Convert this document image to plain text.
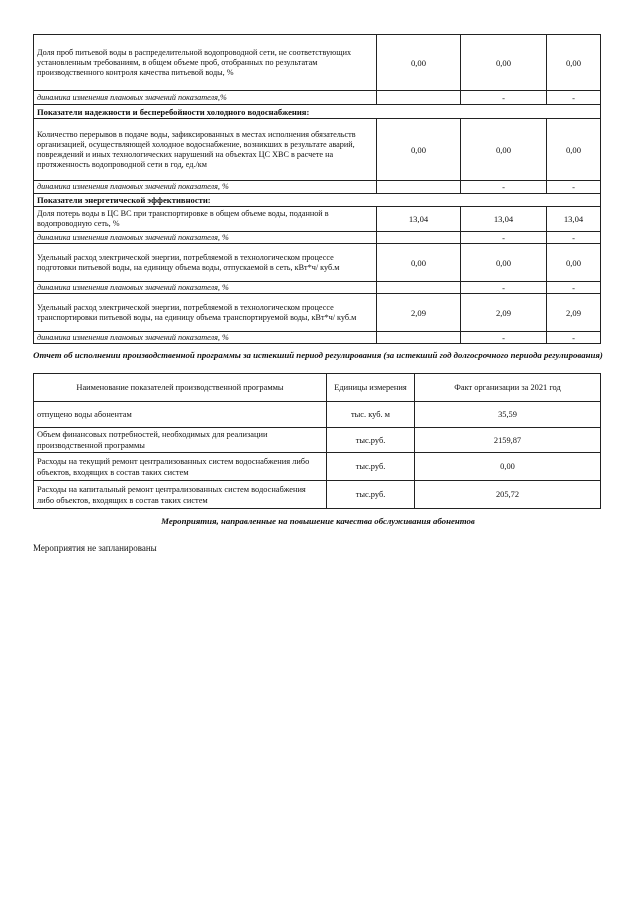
Доля проб питьевой воды в распределительной водопроводной сети, не соответствующих установленным требованиям, в общем объеме проб, отобранных по результатам производственного контроля качества питьевой воды, %	0,00	0,00	0,00
динамика изменения плановых значений показателя,%		-	-
Показатели надежности и бесперебойности холодного водоснабжения:			
Количество перерывов в подаче воды, зафиксированных в местах исполнения обязательств организацией, осуществляющей холодное водоснабжение, возникших в результате аварий, повреждений и иных технологических нарушений на объектах ЦС ХВС в расчете на протяженность водопроводной сети в год, ед./км	0,00	0,00	0,00
динамика изменения плановых значений показателя, %		-	-
Показатели энергетической эффективности:			
Доля потерь воды в ЦС ВС при транспортировке в общем объеме воды, поданной в водопроводную сеть, %	13,04	13,04	13,04
динамика изменения плановых значений показателя, %		-	-
Удельный расход электрической энергии, потребляемой в технологическом процессе подготовки питьевой воды, на единицу объема воды, отпускаемой в сеть, кВт*ч/ куб.м	0,00	0,00	0,00
динамика изменения плановых значений показателя, %		-	-
Удельный расход электрической энергии, потребляемой в технологическом процессе транспортировки питьевой воды, на единицу объема транспортируемой воды, кВт*ч/ куб.м	2,09	2,09	2,09
динамика изменения плановых значений показателя, %		-	-
Отчет об исполнении производственной программы за истекший период регулирования (за истекший год долгосрочного периода регулирования)
Наименование показателей производственной программы	Единицы измерения	Факт организации за 2021 год
отпущено воды абонентам	тыс. куб. м	35,59
Объем финансовых потребностей, необходимых для реализации производственной программы	тыс.руб.	2159,87
Расходы на текущий ремонт централизованных систем водоснабжения либо объектов, входящих в состав таких систем	тыс.руб.	0,00
Расходы на капитальный ремонт централизованных систем водоснабжения либо объектов, входящих в состав таких систем	тыс.руб.	205,72
Мероприятия, направленные на повышение качества обслуживания абонентов
Мероприятия не запланированы
